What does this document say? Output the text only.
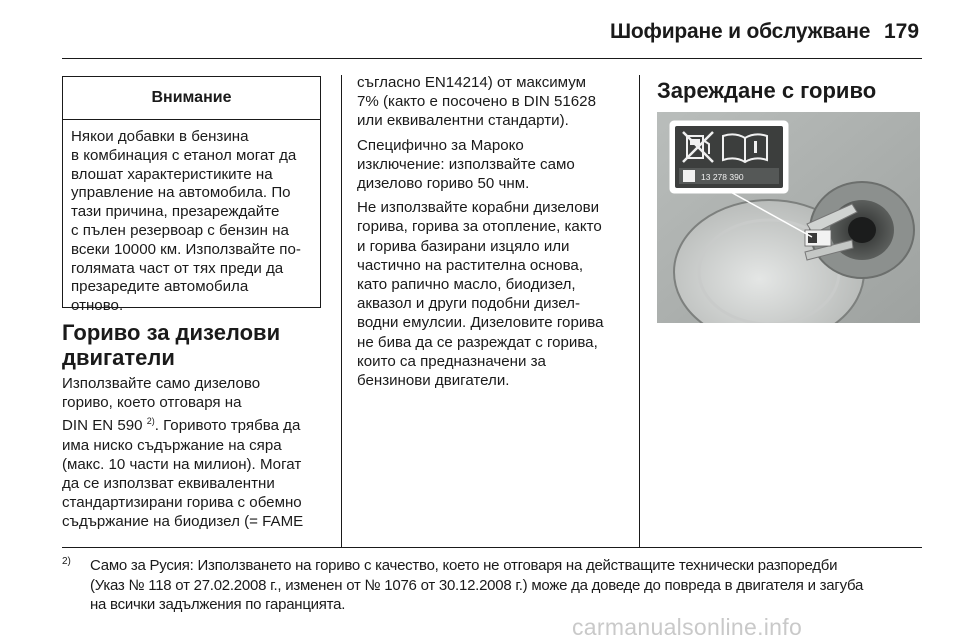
Шофиране и обслужване 179
Внимание
Някои добавки в бензина
в комбинация с етанол могат да
влошат характеристиките на
управление на автомобила. По
тази причина, презареждайте
с пълен резервоар с бензин на
всеки 10000 км. Използвайте по-
голямата част от тях преди да
презаредите автомобила
отново.
Гориво за дизелови
двигатели
Използвайте само дизелово
гориво, което отговаря на
DIN EN 590 $^{2)}$. Горивото трябва да
има ниско съдържание на сяра
(макс. 10 части на милион). Могат
да се използват еквивалентни
стандартизирани горива с обемно
съдържание на биодизел (= FAME
съгласно EN14214) от максимум
7% (както е посочено в DIN 51628
или еквивалентни стандарти).
Специфично за Мароко
изключение: използвайте само
дизелово гориво 50 чнм.
Не използвайте корабни дизелови
горива, горива за отопление, както
и горива базирани изцяло или
частично на растителна основа,
като рапично масло, биодизел,
аквазол и други подобни дизел-
водни емулсии. Дизеловите горива
не бива да се разреждат с горива,
които са предназначени за
бензинови двигатели.
Зареждане с гориво
13 278 390
2) Само за Русия: Използването на гориво с качество, което не отговаря на действащите технически разпоредби
(Указ № 118 от 27.02.2008 г., изменен от № 1076 от 30.12.2008 г.) може да доведе до повреда в двигателя и загуба
на всички задължения по гаранцията.
carmanualsonline.info
